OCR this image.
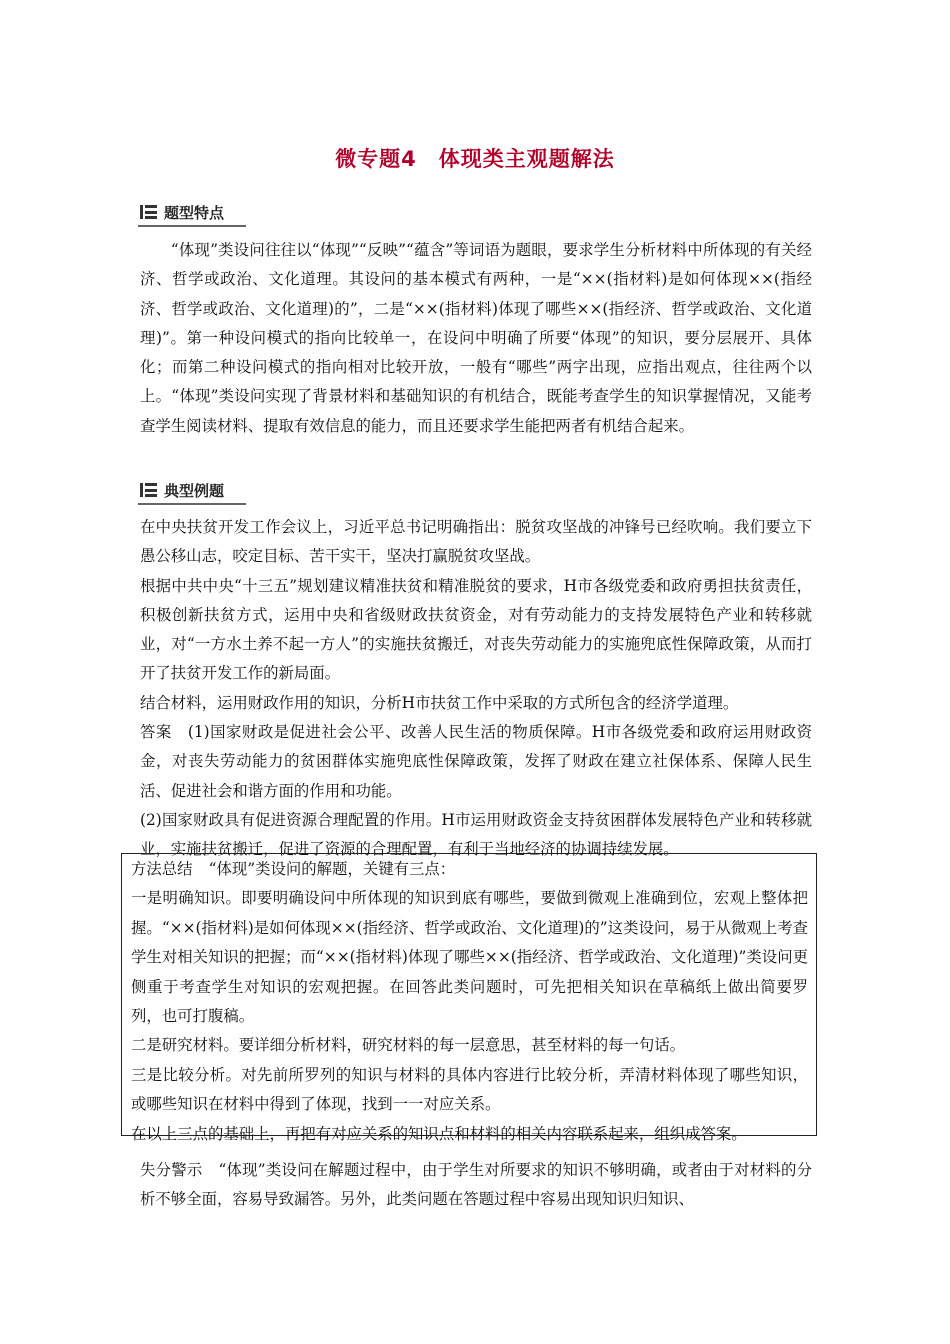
微专题4　体现类主观题解法
题型特点

“体现”类设问往往以“体现”“反映”“蕴含”等词语为题眼，要求学生分析材料中所体现的有关经济、哲学或政治、文化道理。其设问的基本模式有两种，一是“××(指材料)是如何体现××(指经济、哲学或政治、文化道理)的”，二是“××(指材料)体现了哪些××(指经济、哲学或政治、文化道理)”。第一种设问模式的指向比较单一，在设问中明确了所要“体现”的知识，要分层展开、具体化；而第二种设问模式的指向相对比较开放，一般有“哪些”两字出现，应指出观点，往往两个以上。“体现”类设问实现了背景材料和基础知识的有机结合，既能考查学生的知识掌握情况，又能考查学生阅读材料、提取有效信息的能力，而且还要求学生能把两者有机结合起来。

典型例题

在中央扶贫开发工作会议上，习近平总书记明确指出：脱贫攻坚战的冲锋号已经吹响。我们要立下愚公移山志，咬定目标、苦干实干，坚决打赢脱贫攻坚战。

根据中共中央“十三五”规划建议精准扶贫和精准脱贫的要求，H市各级党委和政府勇担扶贫责任，积极创新扶贫方式，运用中央和省级财政扶贫资金，对有劳动能力的支持发展特色产业和转移就业，对“一方水土养不起一方人”的实施扶贫搬迁，对丧失劳动能力的实施兜底性保障政策，从而打开了扶贫开发工作的新局面。

结合材料，运用财政作用的知识，分析H市扶贫工作中采取的方式所包含的经济学道理。

答案 (1)国家财政是促进社会公平、改善人民生活的物质保障。H市各级党委和政府运用财政资金，对丧失劳动能力的贫困群体实施兜底性保障政策，发挥了财政在建立社保体系、保障人民生活、促进社会和谐方面的作用和功能。

(2)国家财政具有促进资源合理配置的作用。H市运用财政资金支持贫困群体发展特色产业和转移就业，实施扶贫搬迁，促进了资源的合理配置，有利于当地经济的协调持续发展。

方法总结 “体现”类设问的解题，关键有三点：

一是明确知识。即要明确设问中所体现的知识到底有哪些，要做到微观上准确到位，宏观上整体把握。“××(指材料)是如何体现××(指经济、哲学或政治、文化道理)的”这类设问，易于从微观上考查学生对相关知识的把握；而“××(指材料)体现了哪些××(指经济、哲学或政治、文化道理)”类设问更侧重于考查学生对知识的宏观把握。在回答此类问题时，可先把相关知识在草稿纸上做出简要罗列，也可打腹稿。

二是研究材料。要详细分析材料，研究材料的每一层意思，甚至材料的每一句话。

三是比较分析。对先前所罗列的知识与材料的具体内容进行比较分析，弄清材料体现了哪些知识，或哪些知识在材料中得到了体现，找到一一对应关系。

在以上三点的基础上，再把有对应关系的知识点和材料的相关内容联系起来，组织成答案。

失分警示 “体现”类设问在解题过程中，由于学生对所要求的知识不够明确，或者由于对材料的分析不够全面，容易导致漏答。另外，此类问题在答题过程中容易出现知识归知识、
